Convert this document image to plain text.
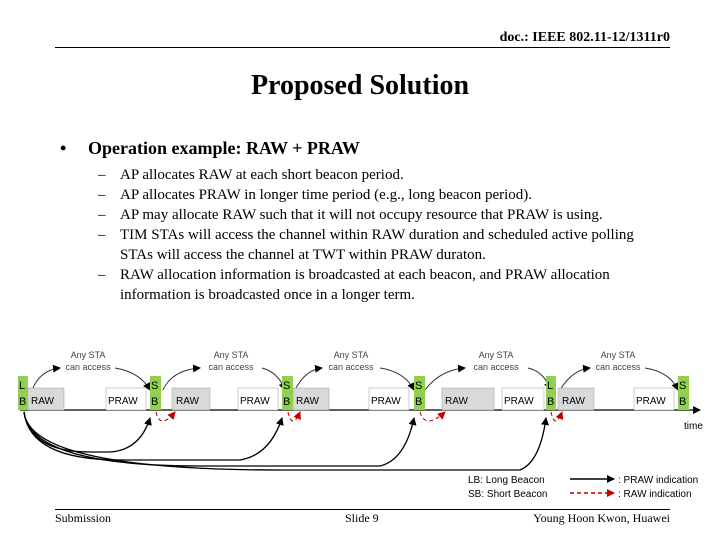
doc.: IEEE 802.11-12/1311r0
Proposed Solution
• Operation example: RAW + PRAW
– AP allocates RAW at each short beacon period.
– AP allocates PRAW in longer time period (e.g., long beacon period).
– AP may allocate RAW such that it will not occupy resource that PRAW is using.
– TIM STAs will access the channel within RAW duration and scheduled active polling STAs will access the channel at TWT within PRAW duraton.
– RAW allocation information is broadcasted at each beacon, and PRAW allocation information is broadcasted once in a longer term.
Any STA
can access
Any STA
can access
Any STA
can access
Any STA
can access
Any STA
can access
time
L
B
S
B
S
B
S
B
L
B
S
B
RAW	PRAW	RAW	PRAW	RAW	PRAW	RAW	PRAW	RAW	PRAW
LB: Long Beacon
SB: Short Beacon
: PRAW indication
: RAW indication
Submission	Slide 9	Young Hoon Kwon, Huawei
